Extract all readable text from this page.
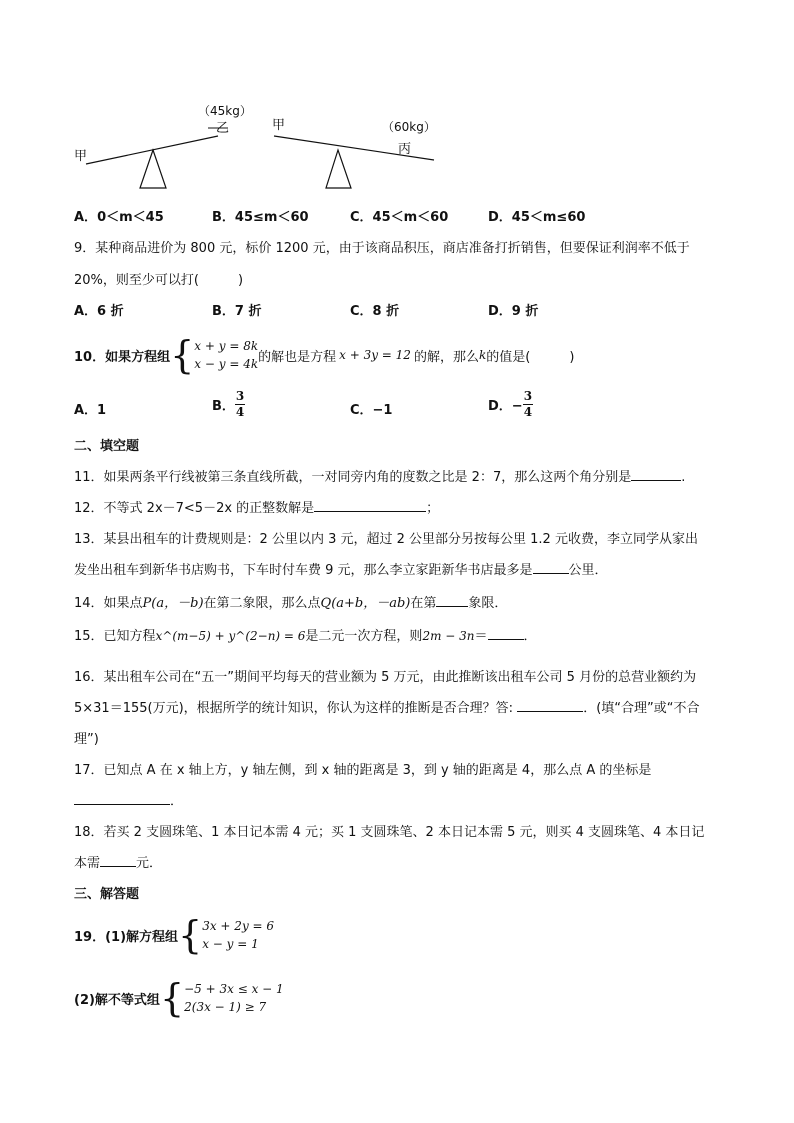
甲
（45kg）
乙	甲	（60kg）
丙
A．0＜m＜45	B．45≤m＜60	C．45＜m＜60	D．45＜m≤60
9．某种商品进价为 800 元，标价 1200 元，由于该商品积压，商店准备打折销售，但要保证利润率不低于
20%，则至少可以打(　　　)
A．6 折	B．7 折	C．8 折	D．9 折
10．如果方程组 { x + y = 8k
x − y = 4k 的解也是方程 x + 3y = 12 的解，那么 k 的值是(　　　)
A．1	B． $\frac{3}{4}$	C．−1	D．− $\frac{3}{4}$
二、填空题
11．如果两条平行线被第三条直线所截，一对同旁内角的度数之比是 2：7，那么这两个角分别是	.
12．不等式 2x－7<5－2x 的正整数解是	；
13．某县出租车的计费规则是：2 公里以内 3 元，超过 2 公里部分另按每公里 1.2 元收费，李立同学从家出
发坐出租车到新华书店购书，下车时付车费 9 元，那么李立家距新华书店最多是	公里．
14．如果点P(a，－b)在第二象限，那么点Q(a+b，－ab)在第 象限．
15．已知方程x^(m−5) + y^(2−n) = 6是二元一次方程，则2m − 3n＝	．
16．某出租车公司在“五一”期间平均每天的营业额为 5 万元，由此推断该出租车公司 5 月份的总营业额约为
5×31＝155(万元)，根据所学的统计知识，你认为这样的推断是否合理？答:	．(填“合理”或“不合
理”)
17．已知点 A 在 x 轴上方，y 轴左侧，到 x 轴的距离是 3，到 y 轴的距离是 4，那么点 A 的坐标是
．
18．若买 2 支圆珠笔、1 本日记本需 4 元；买 1 支圆珠笔、2 本日记本需 5 元，则买 4 支圆珠笔、4 本日记
本需	元．
三、解答题
19．(1)解方程组 { 3x + 2y = 6
x − y = 1
(2)解不等式组 { −5 + 3x ≤ x − 1
2(3x − 1) ≥ 7
